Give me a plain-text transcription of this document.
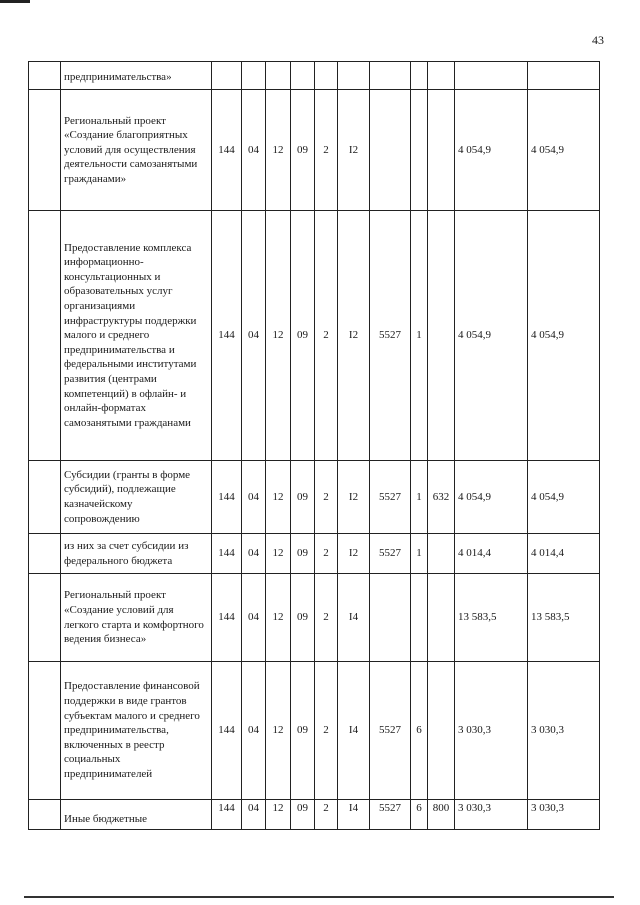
43
	предпринимательства»											
	Региональный проект «Создание благоприятных условий для осуществления деятельности самозанятыми гражданами»	144	04	12	09	2	I2				4 054,9	4 054,9
	Предоставление комплекса информационно-консультационных и образовательных услуг организациями инфраструктуры поддержки малого и среднего предпринимательства и федеральными институтами развития (центрами компетенций) в офлайн- и онлайн-форматах самозанятыми гражданами	144	04	12	09	2	I2	5527	1		4 054,9	4 054,9
	Субсидии (гранты в форме субсидий), подлежащие казначейскому сопровождению	144	04	12	09	2	I2	5527	1	632	4 054,9	4 054,9
	из них за счет субсидии из федерального бюджета	144	04	12	09	2	I2	5527	1		4 014,4	4 014,4
	Региональный проект «Создание условий для легкого старта и комфортного ведения бизнеса»	144	04	12	09	2	I4				13 583,5	13 583,5
	Предоставление финансовой поддержки в виде грантов субъектам малого и среднего предпринимательства, включенных в реестр социальных предпринимателей	144	04	12	09	2	I4	5527	6		3 030,3	3 030,3
	Иные бюджетные	144	04	12	09	2	I4	5527	6	800	3 030,3	3 030,3
